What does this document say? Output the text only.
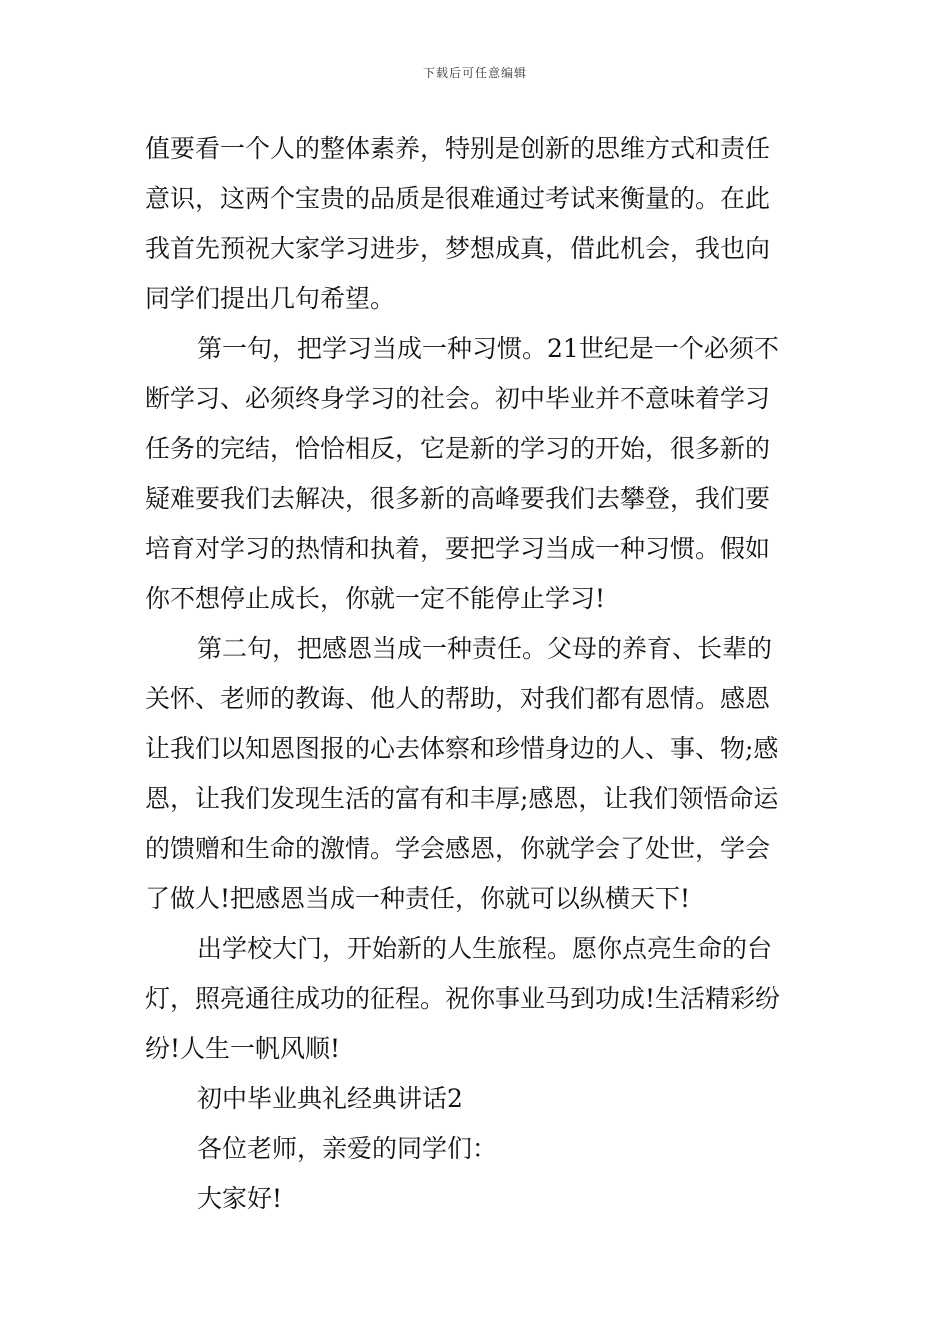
下载后可任意编辑
值要看一个人的整体素养，特别是创新的思维方式和责任
意识，这两个宝贵的品质是很难通过考试来衡量的。在此
我首先预祝大家学习进步，梦想成真，借此机会，我也向
同学们提出几句希望。
第一句，把学习当成一种习惯。21世纪是一个必须不
断学习、必须终身学习的社会。初中毕业并不意味着学习
任务的完结，恰恰相反，它是新的学习的开始，很多新的
疑难要我们去解决，很多新的高峰要我们去攀登，我们要
培育对学习的热情和执着，要把学习当成一种习惯。假如
你不想停止成长，你就一定不能停止学习!
第二句，把感恩当成一种责任。父母的养育、长辈的
关怀、老师的教诲、他人的帮助，对我们都有恩情。感恩
让我们以知恩图报的心去体察和珍惜身边的人、事、物;感
恩，让我们发现生活的富有和丰厚;感恩，让我们领悟命运
的馈赠和生命的激情。学会感恩，你就学会了处世，学会
了做人!把感恩当成一种责任，你就可以纵横天下!
出学校大门，开始新的人生旅程。愿你点亮生命的台
灯，照亮通往成功的征程。祝你事业马到功成!生活精彩纷
纷!人生一帆风顺!
初中毕业典礼经典讲话2
各位老师，亲爱的同学们：
大家好!
